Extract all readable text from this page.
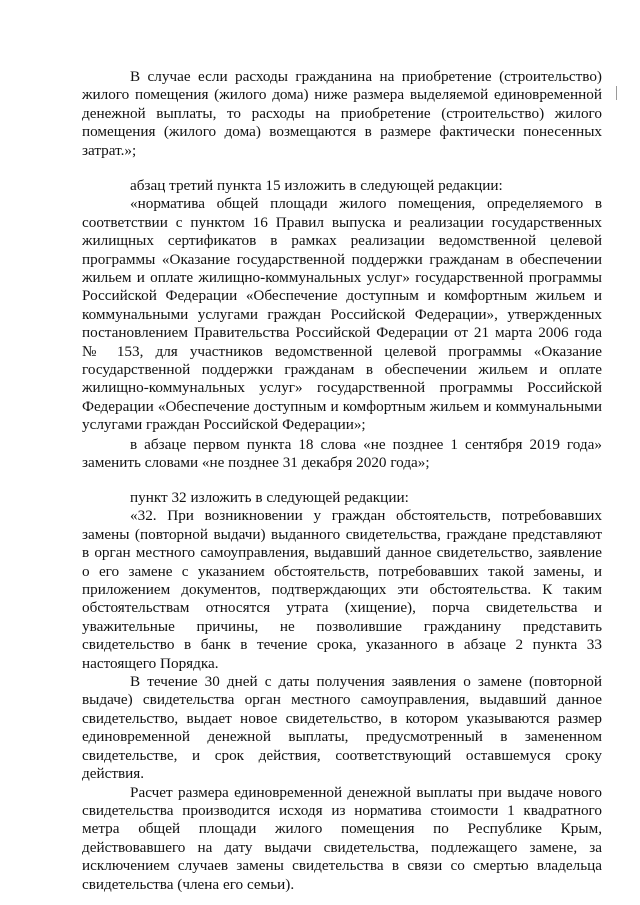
В случае если расходы гражданина на приобретение (строительство) жилого помещения (жилого дома) ниже размера выделяемой единовременной денежной выплаты, то расходы на приобретение (строительство) жилого помещения (жилого дома) возмещаются в размере фактически понесенных затрат.»;

абзац третий пункта 15 изложить в следующей редакции:

«норматива общей площади жилого помещения, определяемого в соответствии с пунктом 16 Правил выпуска и реализации государственных жилищных сертификатов в рамках реализации ведомственной целевой программы «Оказание государственной поддержки гражданам в обеспечении жильем и оплате жилищно-коммунальных услуг» государственной программы Российской Федерации «Обеспечение доступным и комфортным жильем и коммунальными услугами граждан Российской Федерации», утвержденных постановлением Правительства Российской Федерации от 21 марта 2006 года № 153, для участников ведомственной целевой программы «Оказание государственной поддержки гражданам в обеспечении жильем и оплате жилищно-коммунальных услуг» государственной программы Российской Федерации «Обеспечение доступным и комфортным жильем и коммунальными услугами граждан Российской Федерации»;

в абзаце первом пункта 18 слова «не позднее 1 сентября 2019 года» заменить словами «не позднее 31 декабря 2020 года»;

пункт 32 изложить в следующей редакции:

«32. При возникновении у граждан обстоятельств, потребовавших замены (повторной выдачи) выданного свидетельства, граждане представляют в орган местного самоуправления, выдавший данное свидетельство, заявление о его замене с указанием обстоятельств, потребовавших такой замены, и приложением документов, подтверждающих эти обстоятельства. К таким обстоятельствам относятся утрата (хищение), порча свидетельства и уважительные причины, не позволившие гражданину представить свидетельство в банк в течение срока, указанного в абзаце 2 пункта 33 настоящего Порядка.

В течение 30 дней с даты получения заявления о замене (повторной выдаче) свидетельства орган местного самоуправления, выдавший данное свидетельство, выдает новое свидетельство, в котором указываются размер единовременной денежной выплаты, предусмотренный в замененном свидетельстве, и срок действия, соответствующий оставшемуся сроку действия.

Расчет размера единовременной денежной выплаты при выдаче нового свидетельства производится исходя из норматива стоимости 1 квадратного метра общей площади жилого помещения по Республике Крым, действовавшего на дату выдачи свидетельства, подлежащего замене, за исключением случаев замены свидетельства в связи со смертью владельца свидетельства (члена его семьи).
